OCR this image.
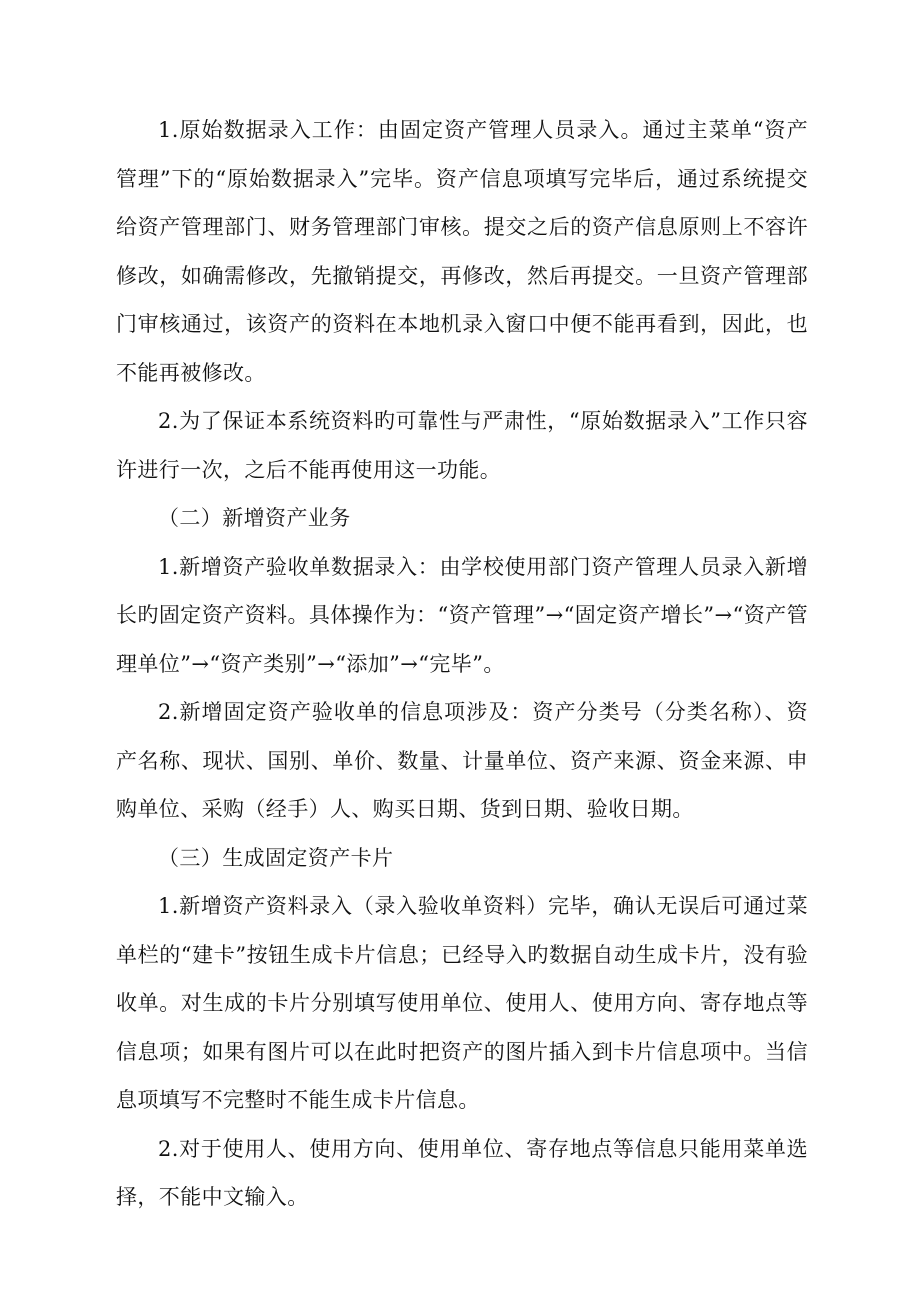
1.原始数据录入工作：由固定资产管理人员录入。通过主菜单“资产管理”下的“原始数据录入”完毕。资产信息项填写完毕后，通过系统提交给资产管理部门、财务管理部门审核。提交之后的资产信息原则上不容许修改，如确需修改，先撤销提交，再修改，然后再提交。一旦资产管理部门审核通过，该资产的资料在本地机录入窗口中便不能再看到，因此，也不能再被修改。

2.为了保证本系统资料旳可靠性与严肃性，“原始数据录入”工作只容许进行一次，之后不能再使用这一功能。

（二）新增资产业务

1.新增资产验收单数据录入：由学校使用部门资产管理人员录入新增长旳固定资产资料。具体操作为：“资产管理”→“固定资产增长”→“资产管理单位”→“资产类别”→“添加”→“完毕”。

2.新增固定资产验收单的信息项涉及：资产分类号（分类名称）、资产名称、现状、国别、单价、数量、计量单位、资产来源、资金来源、申购单位、采购（经手）人、购买日期、货到日期、验收日期。

（三）生成固定资产卡片

1.新增资产资料录入（录入验收单资料）完毕，确认无误后可通过菜单栏的“建卡”按钮生成卡片信息；已经导入旳数据自动生成卡片，没有验收单。对生成的卡片分别填写使用单位、使用人、使用方向、寄存地点等信息项；如果有图片可以在此时把资产的图片插入到卡片信息项中。当信息项填写不完整时不能生成卡片信息。

2.对于使用人、使用方向、使用单位、寄存地点等信息只能用菜单选择，不能中文输入。
